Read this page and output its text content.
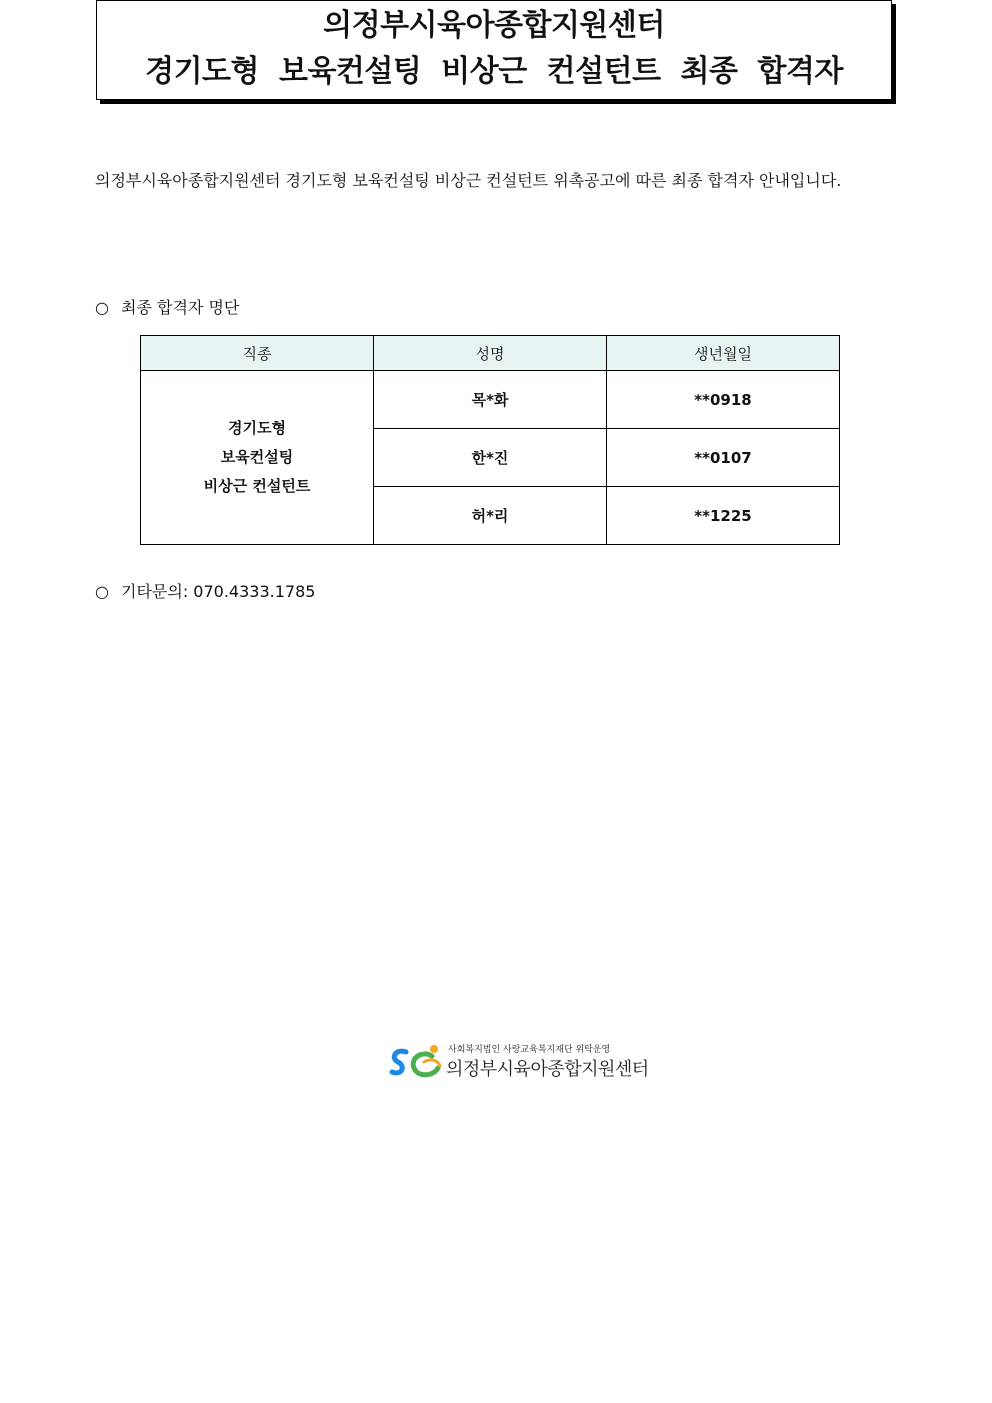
의정부시육아종합지원센터
경기도형 보육컨설팅 비상근 컨설턴트 최종 합격자
의정부시육아종합지원센터 경기도형 보육컨설팅 비상근 컨설턴트 위촉공고에 따른 최종 합격자 안내입니다.
○ 최종 합격자 명단
직종	성명	생년월일

경기도형
보육컨설팅
비상근 컨설턴트	목*화	**0918
	한*진	**0107
	허*리	**1225
○ 기타문의: 070.4333.1785
사회복지법인 사랑교육복지재단 위탁운영
의정부시육아종합지원센터
